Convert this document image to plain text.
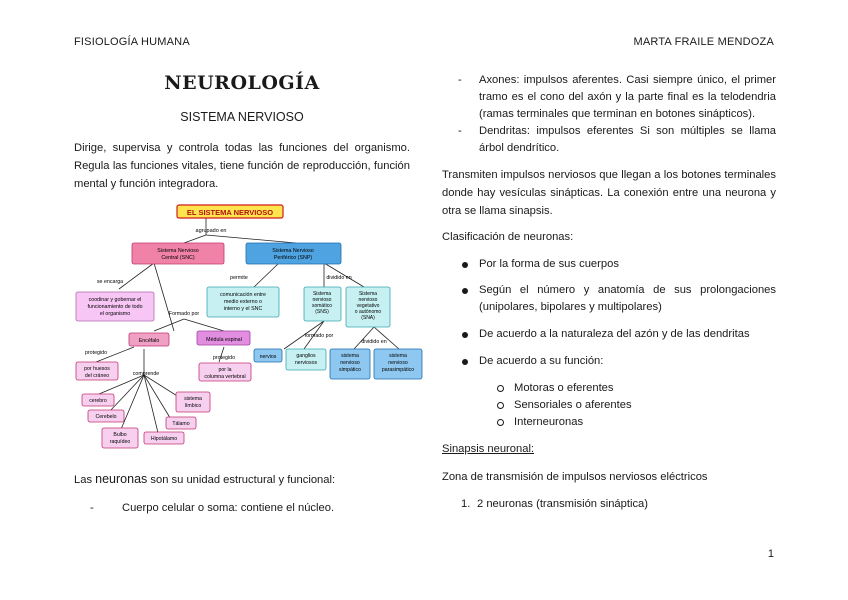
FISIOLOGÍA HUMANA	MARTA FRAILE MENDOZA
NEUROLOGÍA
SISTEMA NERVIOSO

Dirige, supervisa y controla todas las funciones del organismo. Regula las funciones vitales, tiene función de reproducción, función mental y función integradora.

EL SISTEMA NERVIOSO
agrupado en
Sistema Nervioso Central (SNC)
Sistema Nervioso Periférico (SNP)
se encarga
permite	dividido en
coodinar y gobernar el funcionamiento de todo el organismo
comunicación entre medio externo o interno y el SNC
Sistema nervioso somático (SNS)
Sistema nervioso vegetativo o autónomo (SNA)
Formado por
formado por
dividido en
Encéfalo	Médula espinal
protegido
protegido
comprende
por huesos del cráneo
por la columna vertebral
nervios	ganglios nerviosos
sistema nervioso simpático
sistema nervioso parasimpático
cerebro
Cerebelo
sistema límbico
Tálamo
Bulbo raquídeo	Hipotálamo
Las neuronas son su unidad estructural y funcional:
-	Cuerpo celular o soma: contiene el núcleo.
- Axones: impulsos aferentes. Casi siempre único, el primer tramo es el cono del axón y la parte final es la telodendria (ramas terminales que terminan en botones sinápticos).
- Dendritas: impulsos eferentes Si son múltiples se llama árbol dendrítico.

Transmiten impulsos nerviosos que llegan a los botones terminales donde hay vesículas sinápticas. La conexión entre una neurona y otra se llama sinapsis.

Clasificación de neuronas:
Por la forma de sus cuerpos
Según el número y anatomía de sus prolongaciones (unipolares, bipolares y multipolares)
De acuerdo a la naturaleza del azón y de las dendritas
De acuerdo a su función:
Motoras o eferentes
Sensoriales o aferentes
Interneuronas
Sinapsis neuronal:
Zona de transmisión de impulsos nerviosos eléctricos
1. 2 neuronas (transmisión sináptica)
1
